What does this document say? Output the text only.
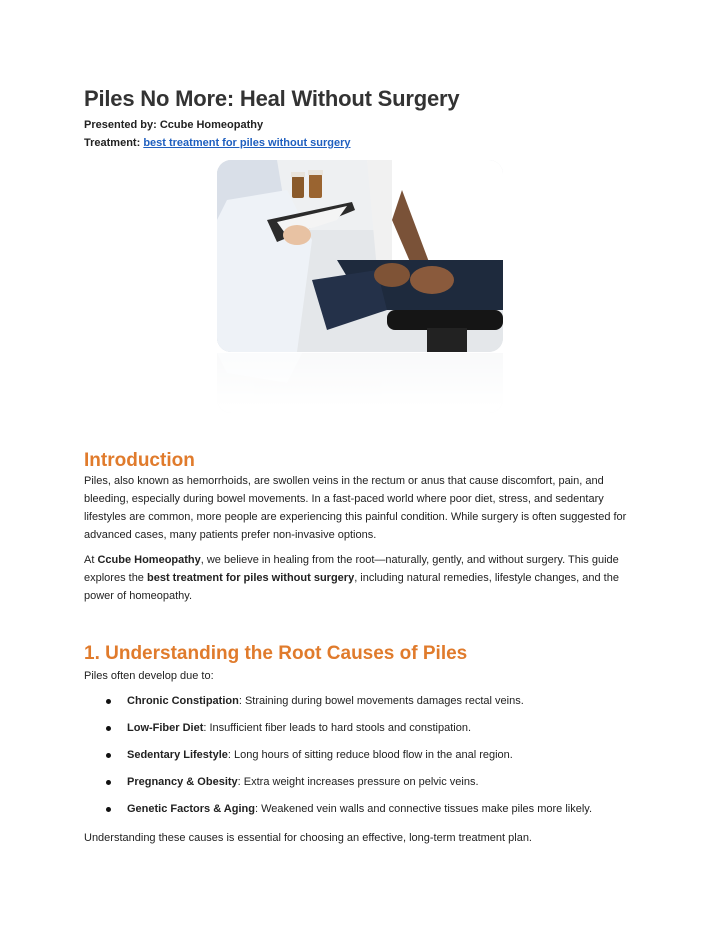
Piles No More: Heal Without Surgery
Presented by: Ccube Homeopathy
Treatment: best treatment for piles without surgery
Introduction

Piles, also known as hemorrhoids, are swollen veins in the rectum or anus that cause discomfort, pain, and bleeding, especially during bowel movements. In a fast-paced world where poor diet, stress, and sedentary lifestyles are common, more people are experiencing this painful condition. While surgery is often suggested for advanced cases, many patients prefer non-invasive options.

At Ccube Homeopathy, we believe in healing from the root—naturally, gently, and without surgery. This guide explores the best treatment for piles without surgery, including natural remedies, lifestyle changes, and the power of homeopathy.

1. Understanding the Root Causes of Piles

Piles often develop due to:

Chronic Constipation: Straining during bowel movements damages rectal veins.
Low-Fiber Diet: Insufficient fiber leads to hard stools and constipation.
Sedentary Lifestyle: Long hours of sitting reduce blood flow in the anal region.
Pregnancy & Obesity: Extra weight increases pressure on pelvic veins.
Genetic Factors & Aging: Weakened vein walls and connective tissues make piles more likely.

Understanding these causes is essential for choosing an effective, long-term treatment plan.
